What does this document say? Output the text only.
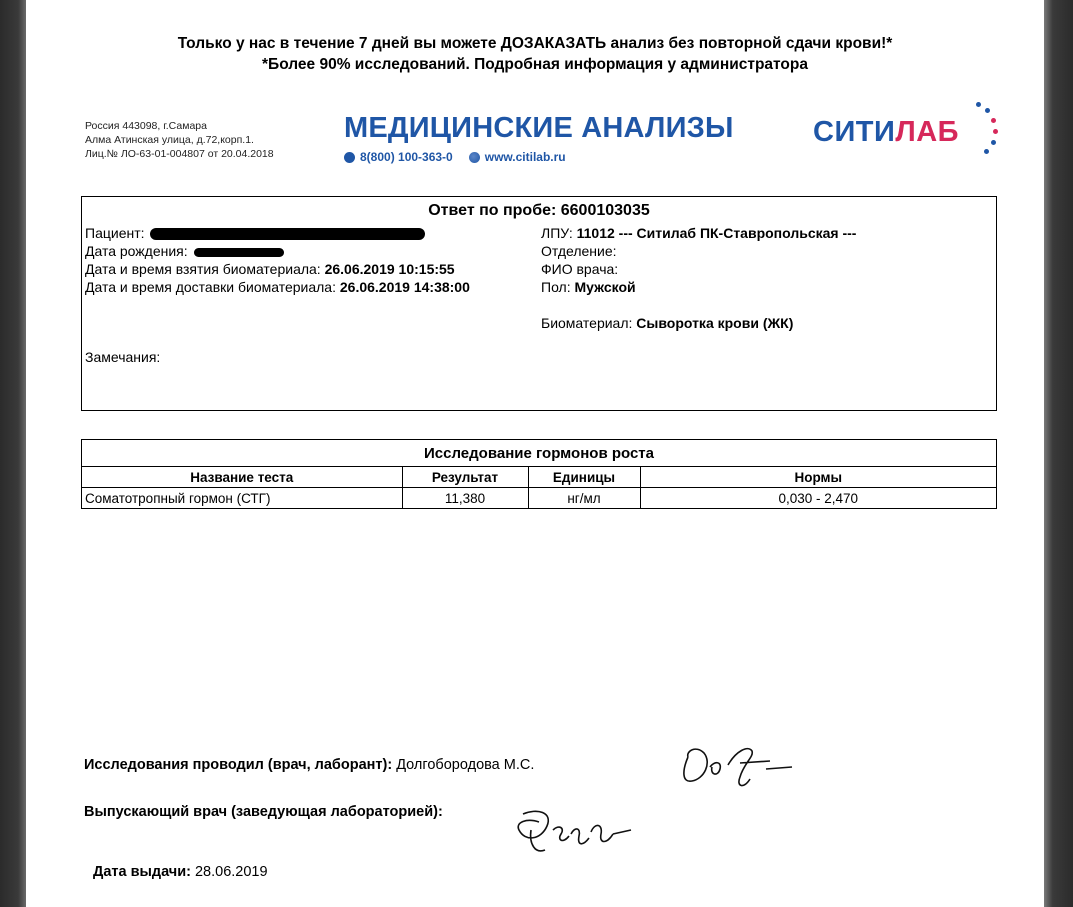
Только у нас в течение 7 дней вы можете ДОЗАКАЗАТЬ анализ без повторной сдачи крови!*
*Более 90% исследований. Подробная информация у администратора
Россия 443098, г.Самара
Алма Атинская улица, д.72,корп.1.
Лиц.№ ЛО-63-01-004807 от 20.04.2018
МЕДИЦИНСКИЕ АНАЛИЗЫ
8(800) 100-363-0	www.citilab.ru
СИТИЛАБ
Ответ по пробе: 6600103035
Пациент:
Дата рождения:
Дата и время взятия биоматериала: 26.06.2019 10:15:55
Дата и время доставки биоматериала: 26.06.2019 14:38:00
ЛПУ: 11012 --- Ситилаб ПК-Ставропольская ---
Отделение:
ФИО врача:
Пол: Мужской
Биоматериал: Сыворотка крови (ЖК)
Замечания:
Исследование гормонов роста
Название теста	Результат	Единицы	Нормы
Соматотропный гормон (СТГ)	11,380	нг/мл	0,030 - 2,470
Исследования проводил (врач, лаборант): Долгобородова М.С.
Выпускающий врач (заведующая лабораторией):
Дата выдачи: 28.06.2019
